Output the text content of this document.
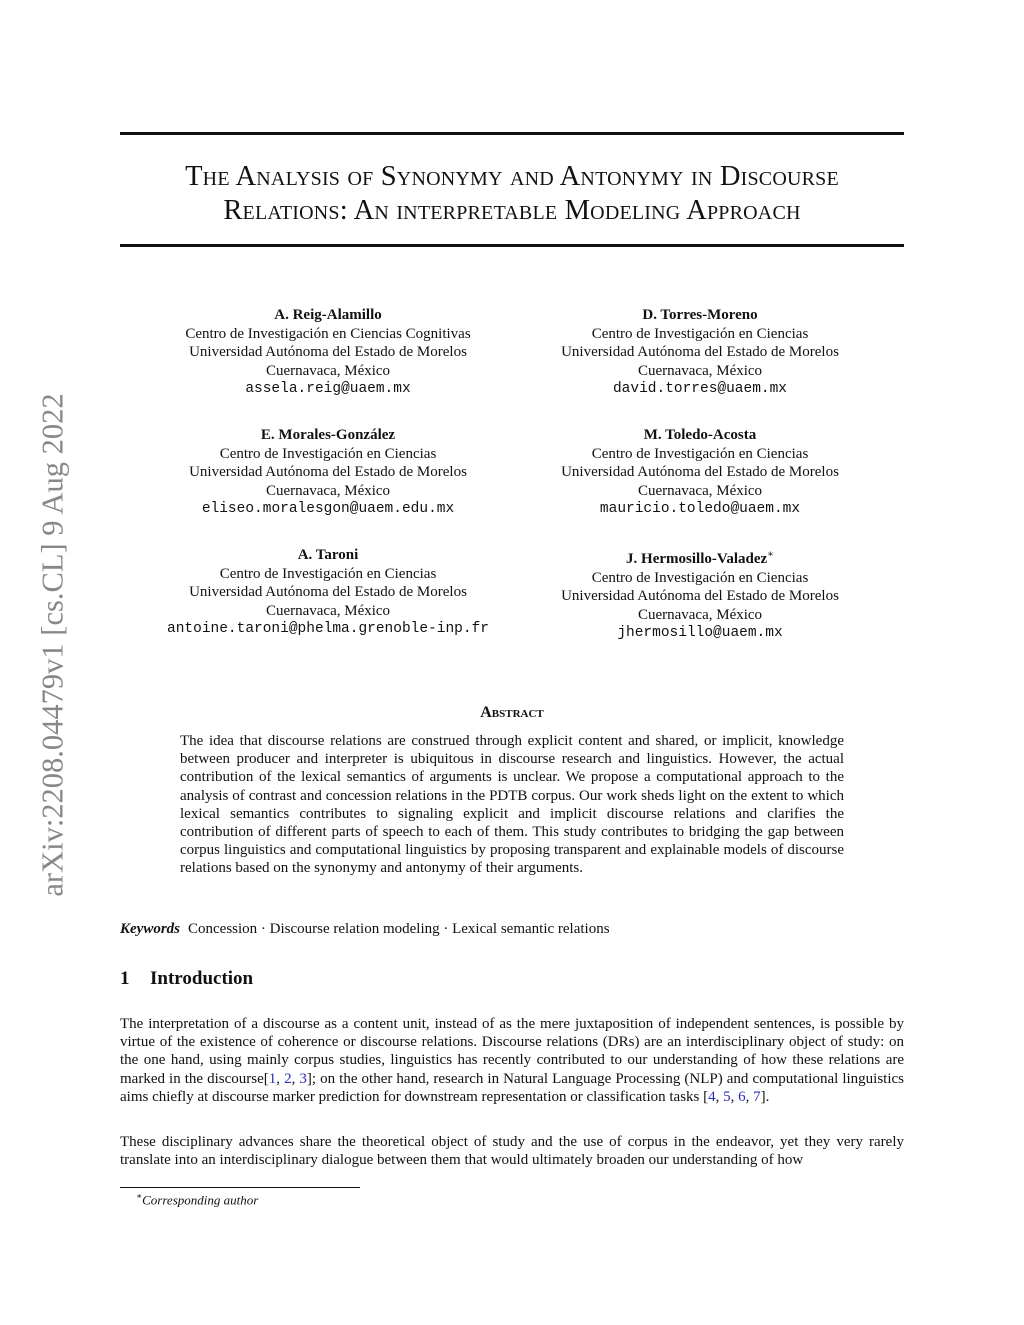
arXiv:2208.04479v1 [cs.CL] 9 Aug 2022
The Analysis of Synonymy and Antonymy in Discourse
Relations: An interpretable Modeling Approach
A. Reig-Alamillo
Centro de Investigación en Ciencias Cognitivas
Universidad Autónoma del Estado de Morelos
Cuernavaca, México
assela.reig@uaem.mx
D. Torres-Moreno
Centro de Investigación en Ciencias
Universidad Autónoma del Estado de Morelos
Cuernavaca, México
david.torres@uaem.mx
E. Morales-González
Centro de Investigación en Ciencias
Universidad Autónoma del Estado de Morelos
Cuernavaca, México
eliseo.moralesgon@uaem.edu.mx
M. Toledo-Acosta
Centro de Investigación en Ciencias
Universidad Autónoma del Estado de Morelos
Cuernavaca, México
mauricio.toledo@uaem.mx
A. Taroni
Centro de Investigación en Ciencias
Universidad Autónoma del Estado de Morelos
Cuernavaca, México
antoine.taroni@phelma.grenoble-inp.fr
J. Hermosillo-Valadez∗
Centro de Investigación en Ciencias
Universidad Autónoma del Estado de Morelos
Cuernavaca, México
jhermosillo@uaem.mx
Abstract
The idea that discourse relations are construed through explicit content and shared, or implicit, knowledge between producer and interpreter is ubiquitous in discourse research and linguistics. However, the actual contribution of the lexical semantics of arguments is unclear. We propose a computational approach to the analysis of contrast and concession relations in the PDTB corpus. Our work sheds light on the extent to which lexical semantics contributes to signaling explicit and implicit discourse relations and clarifies the contribution of different parts of speech to each of them. This study contributes to bridging the gap between corpus linguistics and computational linguistics by proposing transparent and explainable models of discourse relations based on the synonymy and antonymy of their arguments.
Keywords Concession · Discourse relation modeling · Lexical semantic relations
1 Introduction
The interpretation of a discourse as a content unit, instead of as the mere juxtaposition of independent sentences, is possible by virtue of the existence of coherence or discourse relations. Discourse relations (DRs) are an interdisciplinary object of study: on the one hand, using mainly corpus studies, linguistics has recently contributed to our understanding of how these relations are marked in the discourse[1, 2, 3]; on the other hand, research in Natural Language Processing (NLP) and computational linguistics aims chiefly at discourse marker prediction for downstream representation or classification tasks [4, 5, 6, 7].
These disciplinary advances share the theoretical object of study and the use of corpus in the endeavor, yet they very rarely translate into an interdisciplinary dialogue between them that would ultimately broaden our understanding of how
∗Corresponding author
